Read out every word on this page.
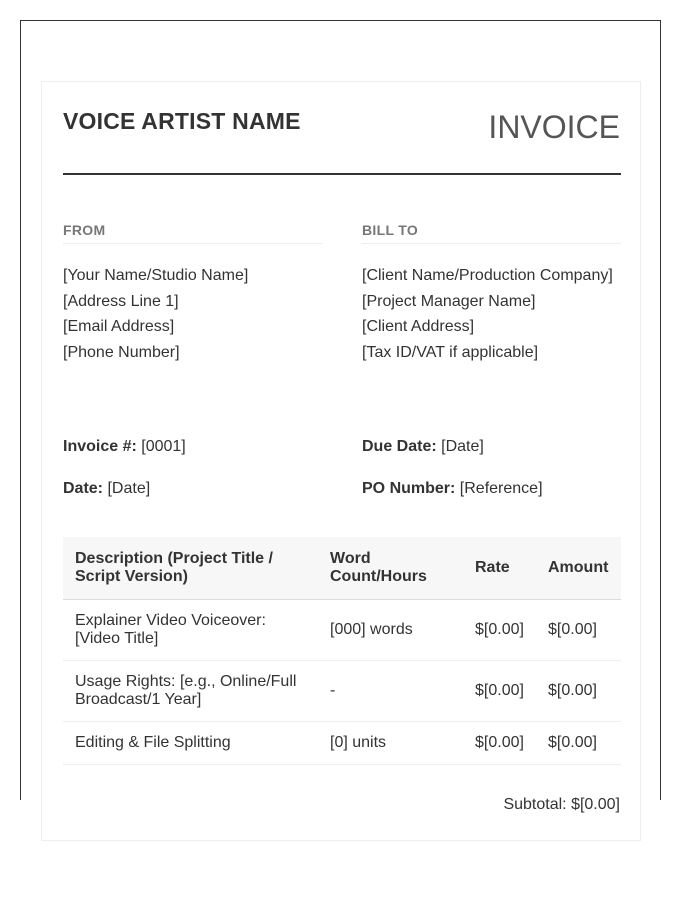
VOICE ARTIST NAME	INVOICE
FROM
[Your Name/Studio Name]
[Address Line 1]
[Email Address]
[Phone Number]
BILL TO
[Client Name/Production Company]
[Project Manager Name]
[Client Address]
[Tax ID/VAT if applicable]
Invoice #: [0001]	Due Date: [Date]
Date: [Date]	PO Number: [Reference]
Description (Project Title / Script Version)	Word Count/Hours	Rate	Amount
Explainer Video Voiceover: [Video Title]	[000] words	$[0.00]	$[0.00]
Usage Rights: [e.g., Online/Full Broadcast/1 Year]	-	$[0.00]	$[0.00]
Editing & File Splitting	[0] units	$[0.00]	$[0.00]
Subtotal: $[0.00]
